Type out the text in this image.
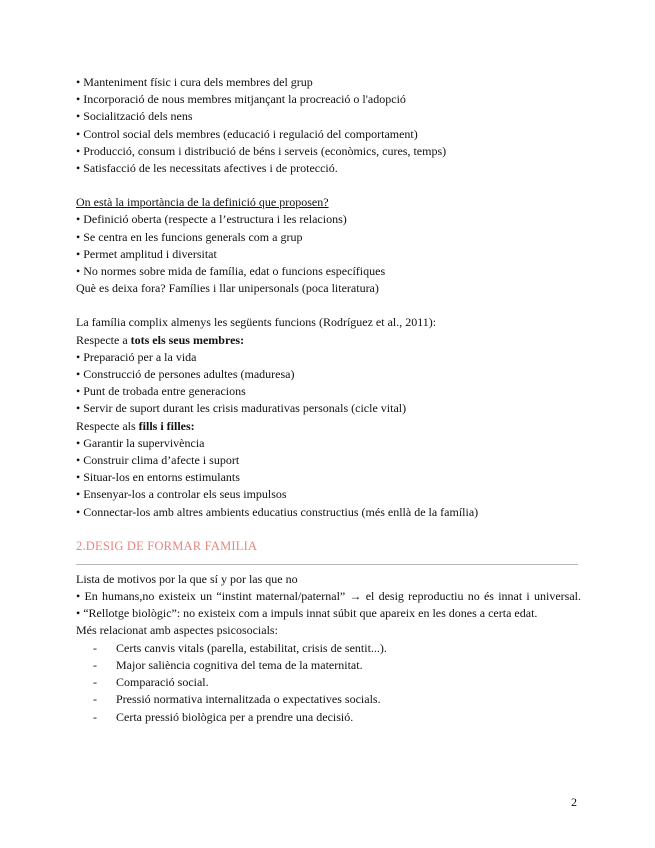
• Manteniment físic i cura dels membres del grup
• Incorporació de nous membres mitjançant la procreació o l'adopció
• Socialització dels nens
• Control social dels membres (educació i regulació del comportament)
• Producció, consum i distribució de béns i serveis (econòmics, cures, temps)
• Satisfacció de les necessitats afectives i de protecció.
On està la importància de la definició que proposen?
• Definició oberta (respecte a l’estructura i les relacions)
• Se centra en les funcions generals com a grup
• Permet amplitud i diversitat
• No normes sobre mida de família, edat o funcions específiques
Què es deixa fora? Famílies i llar unipersonals (poca literatura)
La família complix almenys les següents funcions (Rodríguez et al., 2011):
Respecte a tots els seus membres:
• Preparació per a la vida
• Construcció de persones adultes (maduresa)
• Punt de trobada entre generacions
• Servir de suport durant les crisis madurativas personals (cicle vital)
Respecte als fills i filles:
• Garantir la supervivència
• Construir clima d’afecte i suport
• Situar-los en entorns estimulants
• Ensenyar-los a controlar els seus impulsos
• Connectar-los amb altres ambients educatius constructius (més enllà de la família)
2.DESIG DE FORMAR FAMILIA
Lista de motivos por la que sí y por las que no
• En humans,no existeix un “instint maternal/paternal” → el desig reproductiu no és innat i universal.
• “Rellotge biològic”: no existeix com a impuls innat súbit que apareix en les dones a certa edat.
Més relacionat amb aspectes psicosocials:
- Certs canvis vitals (parella, estabilitat, crisis de sentit...).
- Major saliència cognitiva del tema de la maternitat.
- Comparació social.
- Pressió normativa internalitzada o expectatives socials.
- Certa pressió biològica per a prendre una decisió.
2
